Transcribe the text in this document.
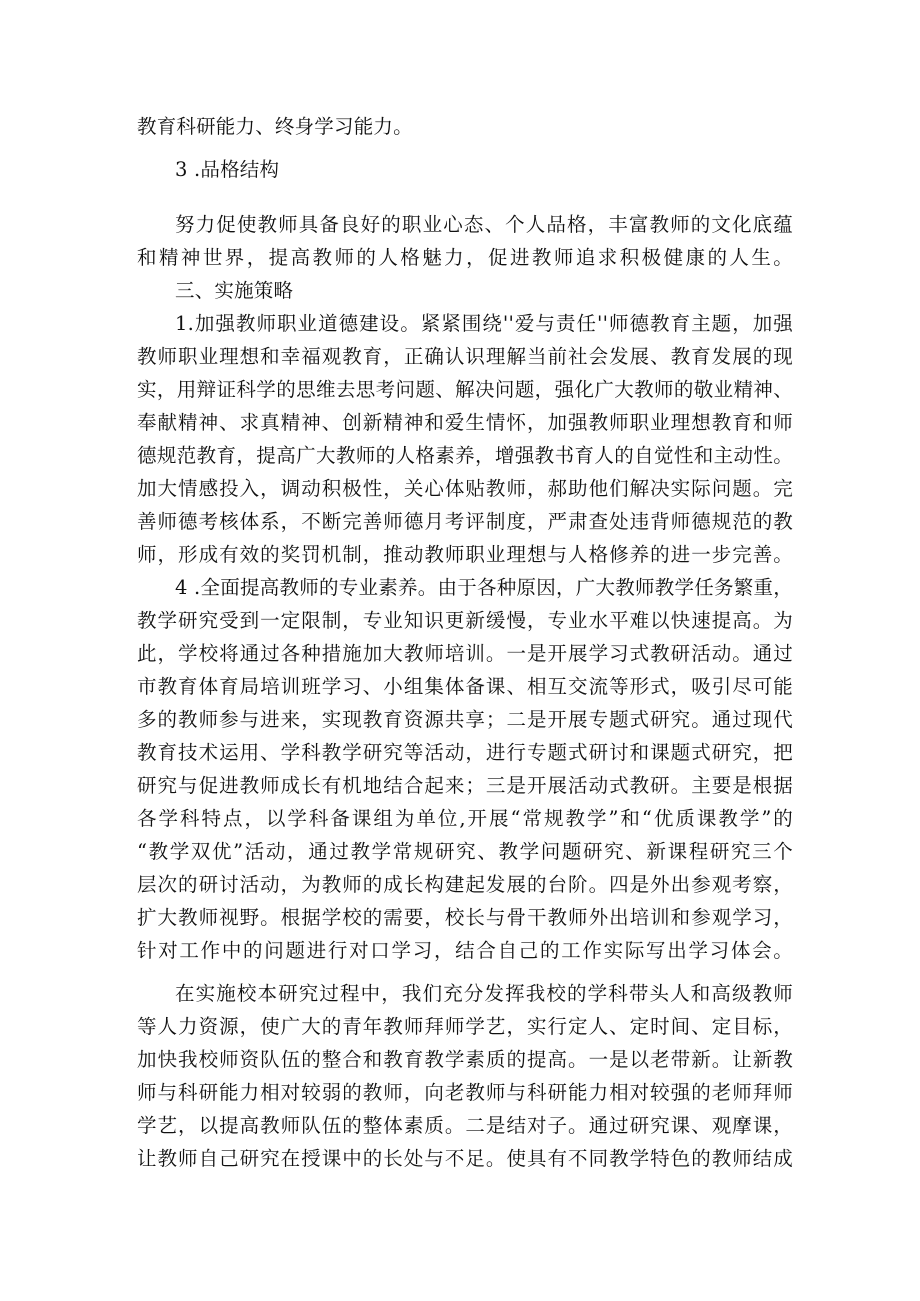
教育科研能力、终身学习能力。
3 .品格结构
努力促使教师具备良好的职业心态、个人品格，丰富教师的文化底蕴
和精神世界，提高教师的人格魅力，促进教师追求积极健康的人生。
三、实施策略
1.加强教师职业道德建设。紧紧围绕''爱与责任''师德教育主题，加强
教师职业理想和幸福观教育，正确认识理解当前社会发展、教育发展的现
实，用辩证科学的思维去思考问题、解决问题，强化广大教师的敬业精神、
奉献精神、求真精神、创新精神和爱生情怀，加强教师职业理想教育和师
德规范教育，提高广大教师的人格素养，增强教书育人的自觉性和主动性。
加大情感投入，调动积极性，关心体贴教师，郝助他们解决实际问题。完
善师德考核体系，不断完善师德月考评制度，严肃查处违背师德规范的教
师，形成有效的奖罚机制，推动教师职业理想与人格修养的进一步完善。
4 .全面提高教师的专业素养。由于各种原因，广大教师教学任务繁重，
教学研究受到一定限制，专业知识更新缓慢，专业水平难以快速提高。为
此，学校将通过各种措施加大教师培训。一是开展学习式教研活动。通过
市教育体育局培训班学习、小组集体备课、相互交流等形式，吸引尽可能
多的教师参与进来，实现教育资源共享；二是开展专题式研究。通过现代
教育技术运用、学科教学研究等活动，进行专题式研讨和课题式研究，把
研究与促进教师成长有机地结合起来；三是开展活动式教研。主要是根据
各学科特点，以学科备课组为单位,开展“常规教学”和“优质课教学”的
“教学双优”活动，通过教学常规研究、教学问题研究、新课程研究三个
层次的研讨活动，为教师的成长构建起发展的台阶。四是外出参观考察，
扩大教师视野。根据学校的需要，校长与骨干教师外出培训和参观学习，
针对工作中的问题进行对口学习，结合自己的工作实际写出学习体会。
在实施校本研究过程中，我们充分发挥我校的学科带头人和高级教师
等人力资源，使广大的青年教师拜师学艺，实行定人、定时间、定目标，
加快我校师资队伍的整合和教育教学素质的提高。一是以老带新。让新教
师与科研能力相对较弱的教师，向老教师与科研能力相对较强的老师拜师
学艺，以提高教师队伍的整体素质。二是结对子。通过研究课、观摩课，
让教师自己研究在授课中的长处与不足。使具有不同教学特色的教师结成
